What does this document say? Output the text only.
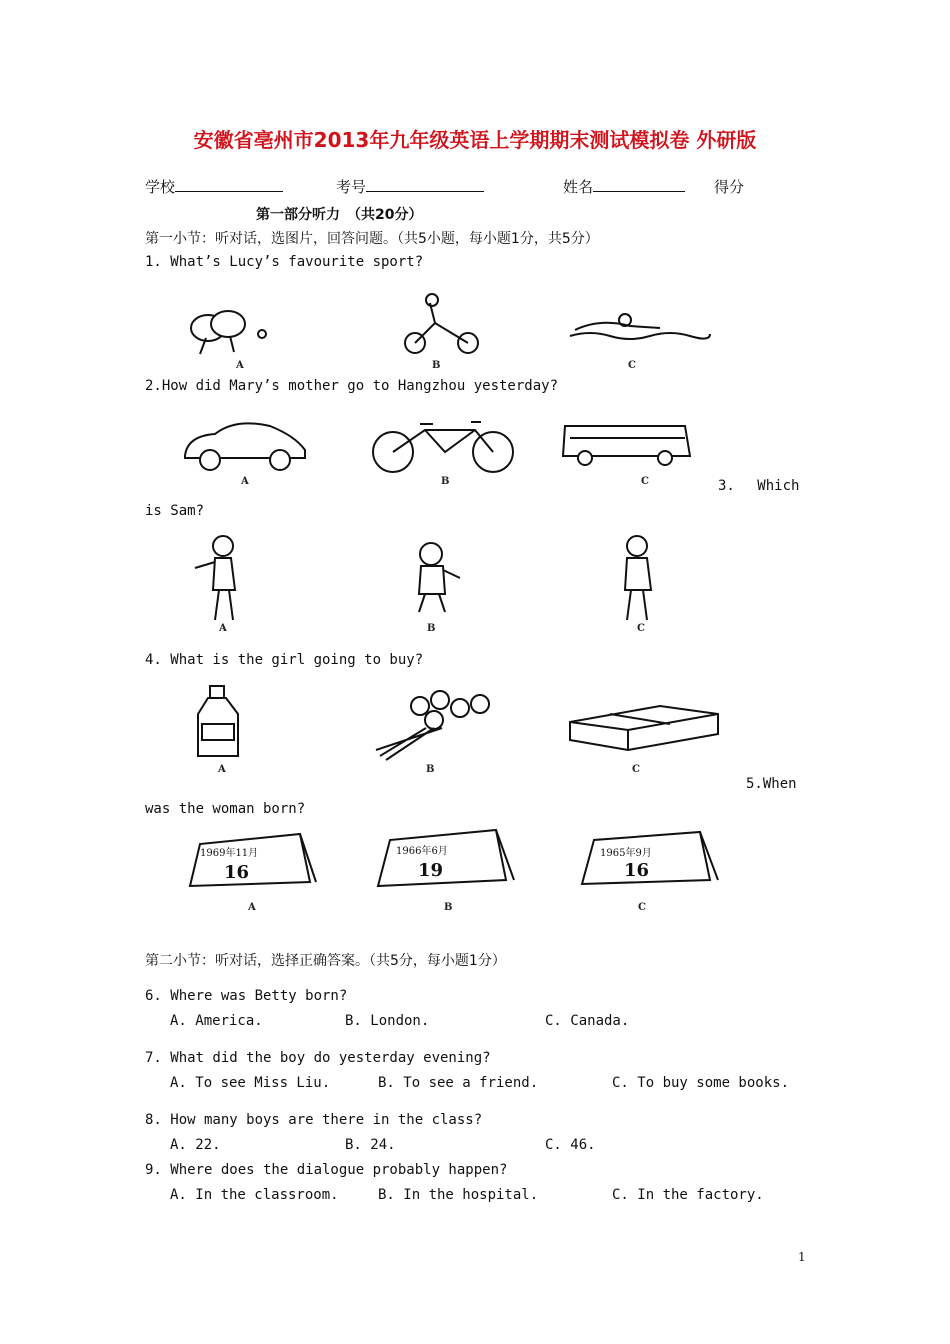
安徽省亳州市2013年九年级英语上学期期末测试模拟卷 外研版
学校	考号	姓名	得分
第一部分听力　（共20分）
第一小节：听对话，选图片，回答问题。（共5小题，每小题1分，共5分）
1. What’s Lucy’s favourite sport?
A	B	C
2.How did Mary’s mother go to Hangzhou yesterday?
A	B	C	3. Which
is Sam?
A	B	C
4. What is the girl going to buy?
A	B	C
5.When
was the woman born?
1969年11月
16
A
1966年6月
19
B
1965年9月
16
C
第二小节：听对话，选择正确答案。（共5分，每小题1分）
6. Where was Betty born?
A. America.	B. London.	C. Canada.
7. What did the boy do yesterday evening?
A. To see Miss Liu.	B. To see a friend.	C. To buy some books.
8. How many boys are there in the class?
A. 22.	B. 24.	C. 46.
9. Where does the dialogue probably happen?
A. In the classroom.	B. In the hospital.	C. In the factory.
1
